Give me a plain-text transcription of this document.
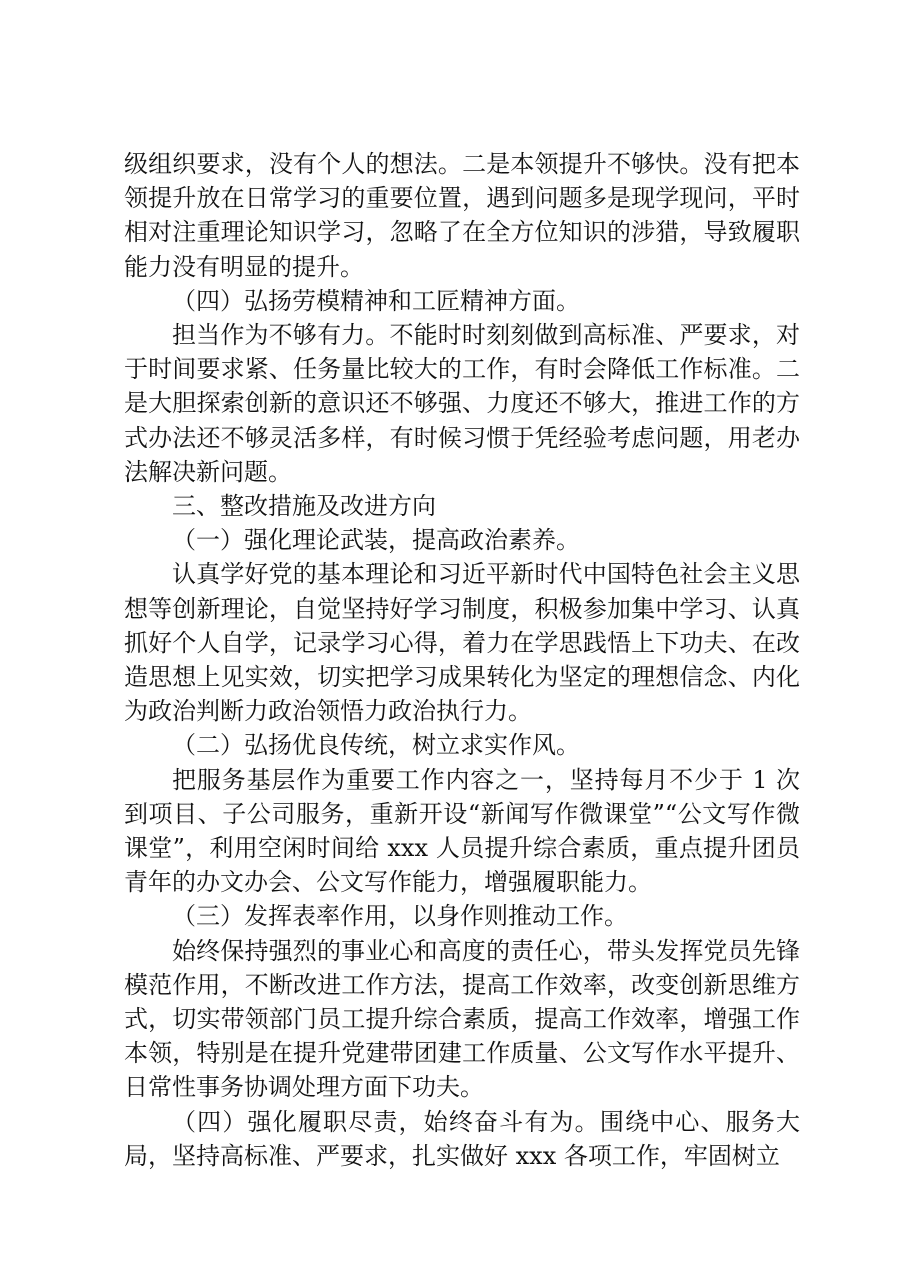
级组织要求，没有个人的想法。二是本领提升不够快。没有把本领提升放在日常学习的重要位置，遇到问题多是现学现问，平时相对注重理论知识学习，忽略了在全方位知识的涉猎，导致履职能力没有明显的提升。

（四）弘扬劳模精神和工匠精神方面。

担当作为不够有力。不能时时刻刻做到高标准、严要求，对于时间要求紧、任务量比较大的工作，有时会降低工作标准。二是大胆探索创新的意识还不够强、力度还不够大，推进工作的方式办法还不够灵活多样，有时候习惯于凭经验考虑问题，用老办法解决新问题。

三、整改措施及改进方向

（一）强化理论武装，提高政治素养。

认真学好党的基本理论和习近平新时代中国特色社会主义思想等创新理论，自觉坚持好学习制度，积极参加集中学习、认真抓好个人自学，记录学习心得，着力在学思践悟上下功夫、在改造思想上见实效，切实把学习成果转化为坚定的理想信念、内化为政治判断力政治领悟力政治执行力。

（二）弘扬优良传统，树立求实作风。

把服务基层作为重要工作内容之一，坚持每月不少于 1 次到项目、子公司服务，重新开设“新闻写作微课堂”“公文写作微课堂”，利用空闲时间给 xxx 人员提升综合素质，重点提升团员青年的办文办会、公文写作能力，增强履职能力。

（三）发挥表率作用，以身作则推动工作。

始终保持强烈的事业心和高度的责任心，带头发挥党员先锋模范作用，不断改进工作方法，提高工作效率，改变创新思维方式，切实带领部门员工提升综合素质，提高工作效率，增强工作本领，特别是在提升党建带团建工作质量、公文写作水平提升、日常性事务协调处理方面下功夫。

（四）强化履职尽责，始终奋斗有为。围绕中心、服务大局，坚持高标准、严要求，扎实做好 xxx 各项工作，牢固树立
